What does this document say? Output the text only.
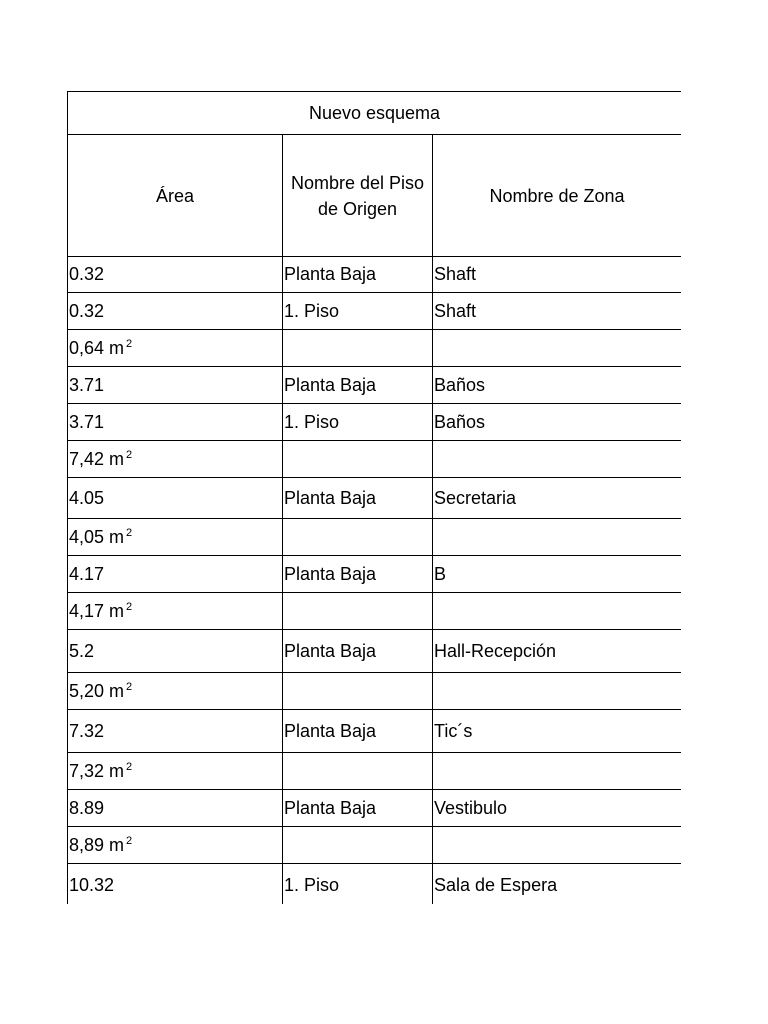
Nuevo esquema		
Área	Nombre del Piso de Origen	Nombre de Zona
0.32	Planta Baja	Shaft
0.32	1. Piso	Shaft
0,64 m $^2$		
3.71	Planta Baja	Baños
3.71	1. Piso	Baños
7,42 m $^2$		
4.05	Planta Baja	Secretaria
4,05 m $^2$		
4.17	Planta Baja	B
4,17 m $^2$		
5.2	Planta Baja	Hall-Recepción
5,20 m $^2$		
7.32	Planta Baja	Tic´s
7,32 m $^2$		
8.89	Planta Baja	Vestibulo
8,89 m $^2$		
10.32	1. Piso	Sala de Espera
